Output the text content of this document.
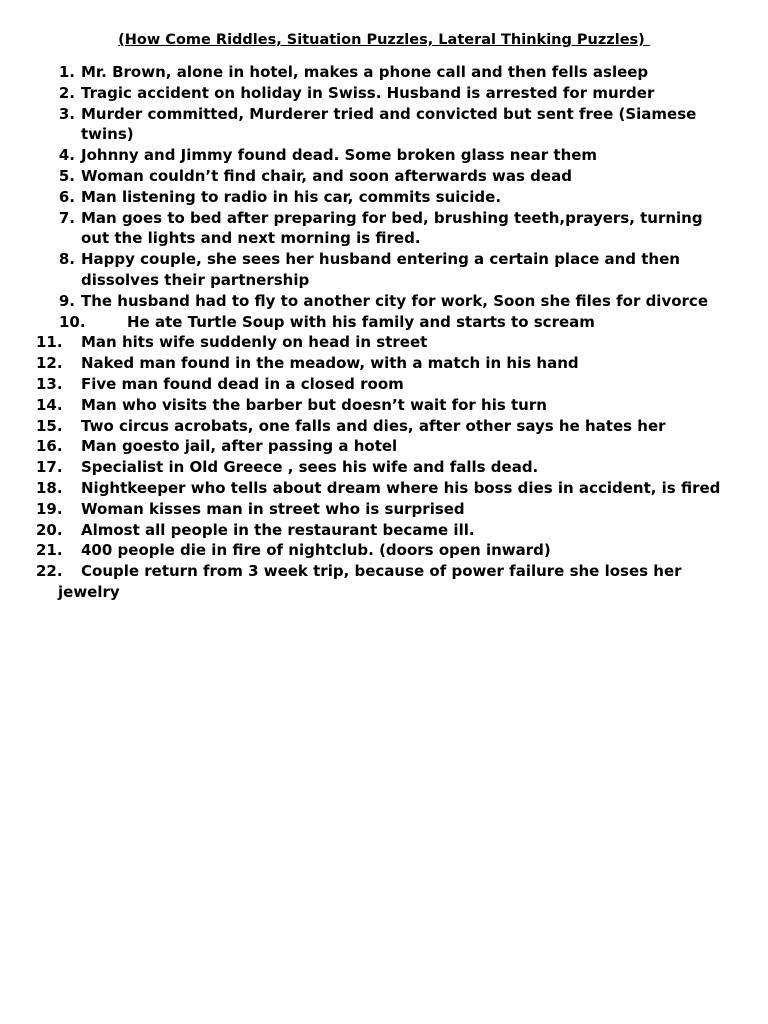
(How Come Riddles, Situation Puzzles, Lateral Thinking Puzzles)
1. Mr. Brown, alone in hotel, makes a phone call and then fells asleep
2. Tragic accident on holiday in Swiss. Husband is arrested for murder
3. Murder committed, Murderer tried and convicted but sent free (Siamese twins)
4. Johnny and Jimmy found dead. Some broken glass near them
5. Woman couldn’t find chair, and soon afterwards was dead
6. Man listening to radio in his car, commits suicide.
7. Man goes to bed after preparing for bed, brushing teeth,prayers, turning out the lights and next morning is fired.
8. Happy couple, she sees her husband entering a certain place and then dissolves their partnership
9. The husband had to fly to another city for work, Soon she files for divorce
10.	He ate Turtle Soup with his family and starts to scream
11. Man hits wife suddenly on head in street
12. Naked man found in the meadow, with a match in his hand
13. Five man found dead in a closed room
14. Man who visits the barber but doesn’t wait for his turn
15. Two circus acrobats, one falls and dies, after other says he hates her
16. Man goesto jail, after passing a hotel
17. Specialist in Old Greece , sees his wife and falls dead.
18. Nightkeeper who tells about dream where his boss dies in accident, is fired
19. Woman kisses man in street who is surprised
20. Almost all people in the restaurant became ill.
21. 400 people die in fire of nightclub. (doors open inward)
22.	Couple return from 3 week trip, because of power failure she loses her jewelry
